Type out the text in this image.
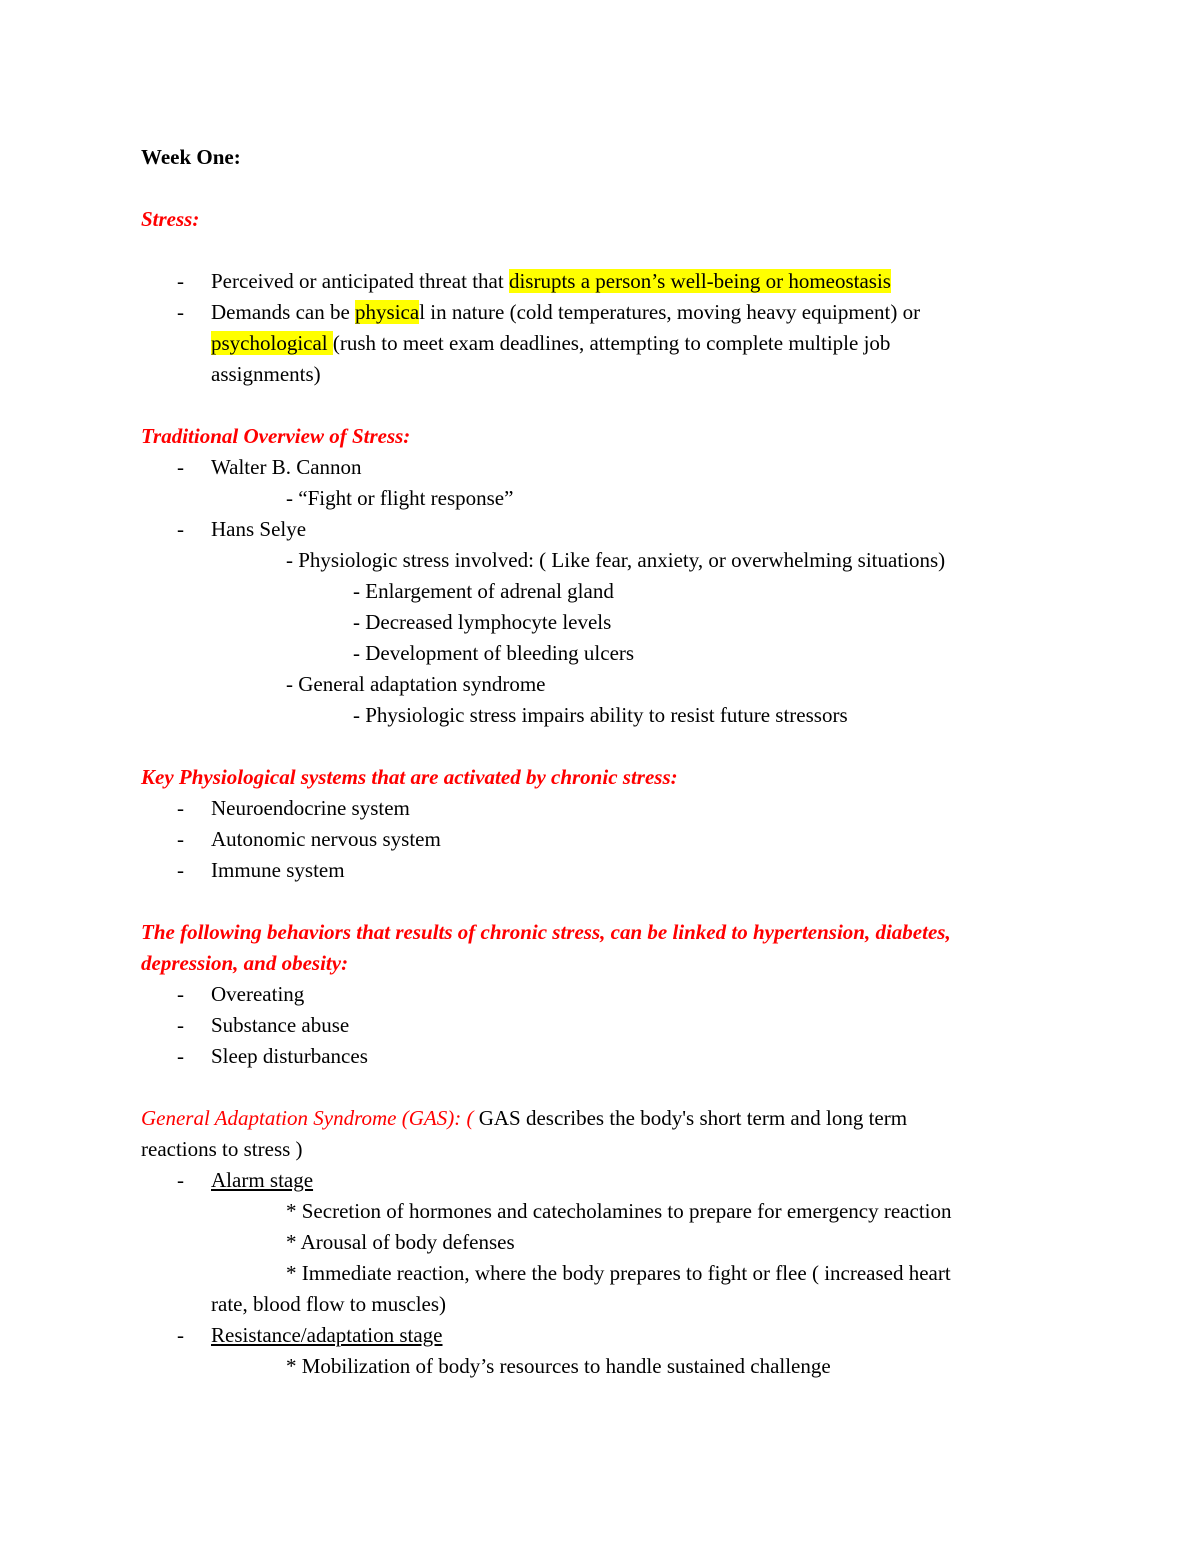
Week One:
Stress:
- Perceived or anticipated threat that disrupts a person’s well-being or homeostasis
- Demands can be physical in nature (cold temperatures, moving heavy equipment) or
psychological (rush to meet exam deadlines, attempting to complete multiple job
assignments)
Traditional Overview of Stress:
- Walter B. Cannon
- “Fight or flight response”
- Hans Selye
- Physiologic stress involved: ( Like fear, anxiety, or overwhelming situations)
- Enlargement of adrenal gland
- Decreased lymphocyte levels
- Development of bleeding ulcers
- General adaptation syndrome
- Physiologic stress impairs ability to resist future stressors
Key Physiological systems that are activated by chronic stress:
- Neuroendocrine system
- Autonomic nervous system
- Immune system
The following behaviors that results of chronic stress, can be linked to hypertension, diabetes,
depression, and obesity:
- Overeating
- Substance abuse
- Sleep disturbances
General Adaptation Syndrome (GAS): ( GAS describes the body's short term and long term
reactions to stress )
- Alarm stage
* Secretion of hormones and catecholamines to prepare for emergency reaction
* Arousal of body defenses
* Immediate reaction, where the body prepares to fight or flee ( increased heart
rate, blood flow to muscles)
- Resistance/adaptation stage
* Mobilization of body’s resources to handle sustained challenge
